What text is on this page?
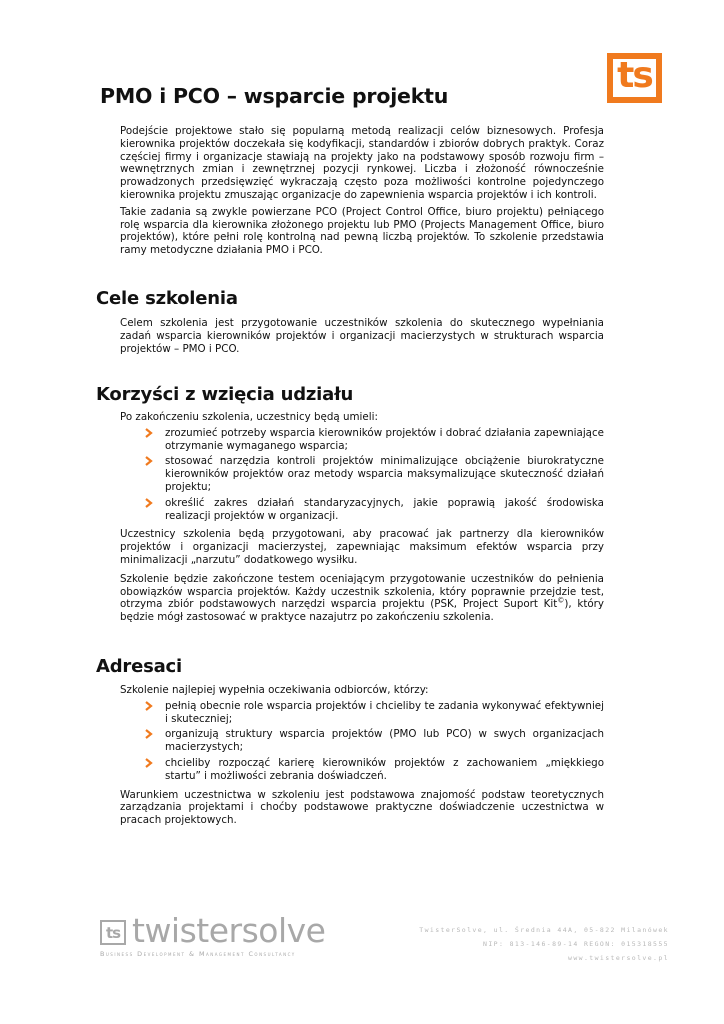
ts
PMO i PCO – wsparcie projektu

Podejście projektowe stało się popularną metodą realizacji celów biznesowych. Profesja kierownika projektów doczekała się kodyfikacji, standardów i zbiorów dobrych praktyk. Coraz częściej firmy i organizacje stawiają na projekty jako na podstawowy sposób rozwoju firm – wewnętrznych zmian i zewnętrznej pozycji rynkowej. Liczba i złożoność równocześnie prowadzonych przedsięwzięć wykraczają często poza możliwości kontrolne pojedynczego kierownika projektu zmuszając organizacje do zapewnienia wsparcia projektów i ich kontroli.

Takie zadania są zwykle powierzane PCO (Project Control Office, biuro projektu) pełniącego rolę wsparcia dla kierownika złożonego projektu lub PMO (Projects Management Office, biuro projektów), które pełni rolę kontrolną nad pewną liczbą projektów. To szkolenie przedstawia ramy metodyczne działania PMO i PCO.

Cele szkolenia

Celem szkolenia jest przygotowanie uczestników szkolenia do skutecznego wypełniania zadań wsparcia kierowników projektów i organizacji macierzystych w strukturach wsparcia projektów – PMO i PCO.

Korzyści z wzięcia udziału

Po zakończeniu szkolenia, uczestnicy będą umieli:

zrozumieć potrzeby wsparcia kierowników projektów i dobrać działania zapewniające otrzymanie wymaganego wsparcia;
stosować narzędzia kontroli projektów minimalizujące obciążenie biurokratyczne kierowników projektów oraz metody wsparcia maksymalizujące skuteczność działań projektu;
określić zakres działań standaryzacyjnych, jakie poprawią jakość środowiska realizacji projektów w organizacji.

Uczestnicy szkolenia będą przygotowani, aby pracować jak partnerzy dla kierowników projektów i organizacji macierzystej, zapewniając maksimum efektów wsparcia przy minimalizacji „narzutu” dodatkowego wysiłku.

Szkolenie będzie zakończone testem oceniającym przygotowanie uczestników do pełnienia obowiązków wsparcia projektów. Każdy uczestnik szkolenia, który poprawnie przejdzie test, otrzyma zbiór podstawowych narzędzi wsparcia projektu (PSK, Project Suport Kit©), który będzie mógł zastosować w praktyce nazajutrz po zakończeniu szkolenia.

Adresaci

Szkolenie najlepiej wypełnia oczekiwania odbiorców, którzy:

pełnią obecnie role wsparcia projektów i chcieliby te zadania wykonywać efektywniej i skuteczniej;
organizują struktury wsparcia projektów (PMO lub PCO) w swych organizacjach macierzystych;
chcieliby rozpocząć karierę kierowników projektów z zachowaniem „miękkiego startu” i możliwości zebrania doświadczeń.

Warunkiem uczestnictwa w szkoleniu jest podstawowa znajomość podstaw teoretycznych zarządzania projektami i choćby podstawowe praktyczne doświadczenie uczestnictwa w pracach projektowych.

ts twistersolve
Business Development & Management Consultancy
TwisterSolve, ul. Średnia 44A, 05-822 Milanówek
NIP: 813-146-89-14 REGON: 015318555
www.twistersolve.pl
